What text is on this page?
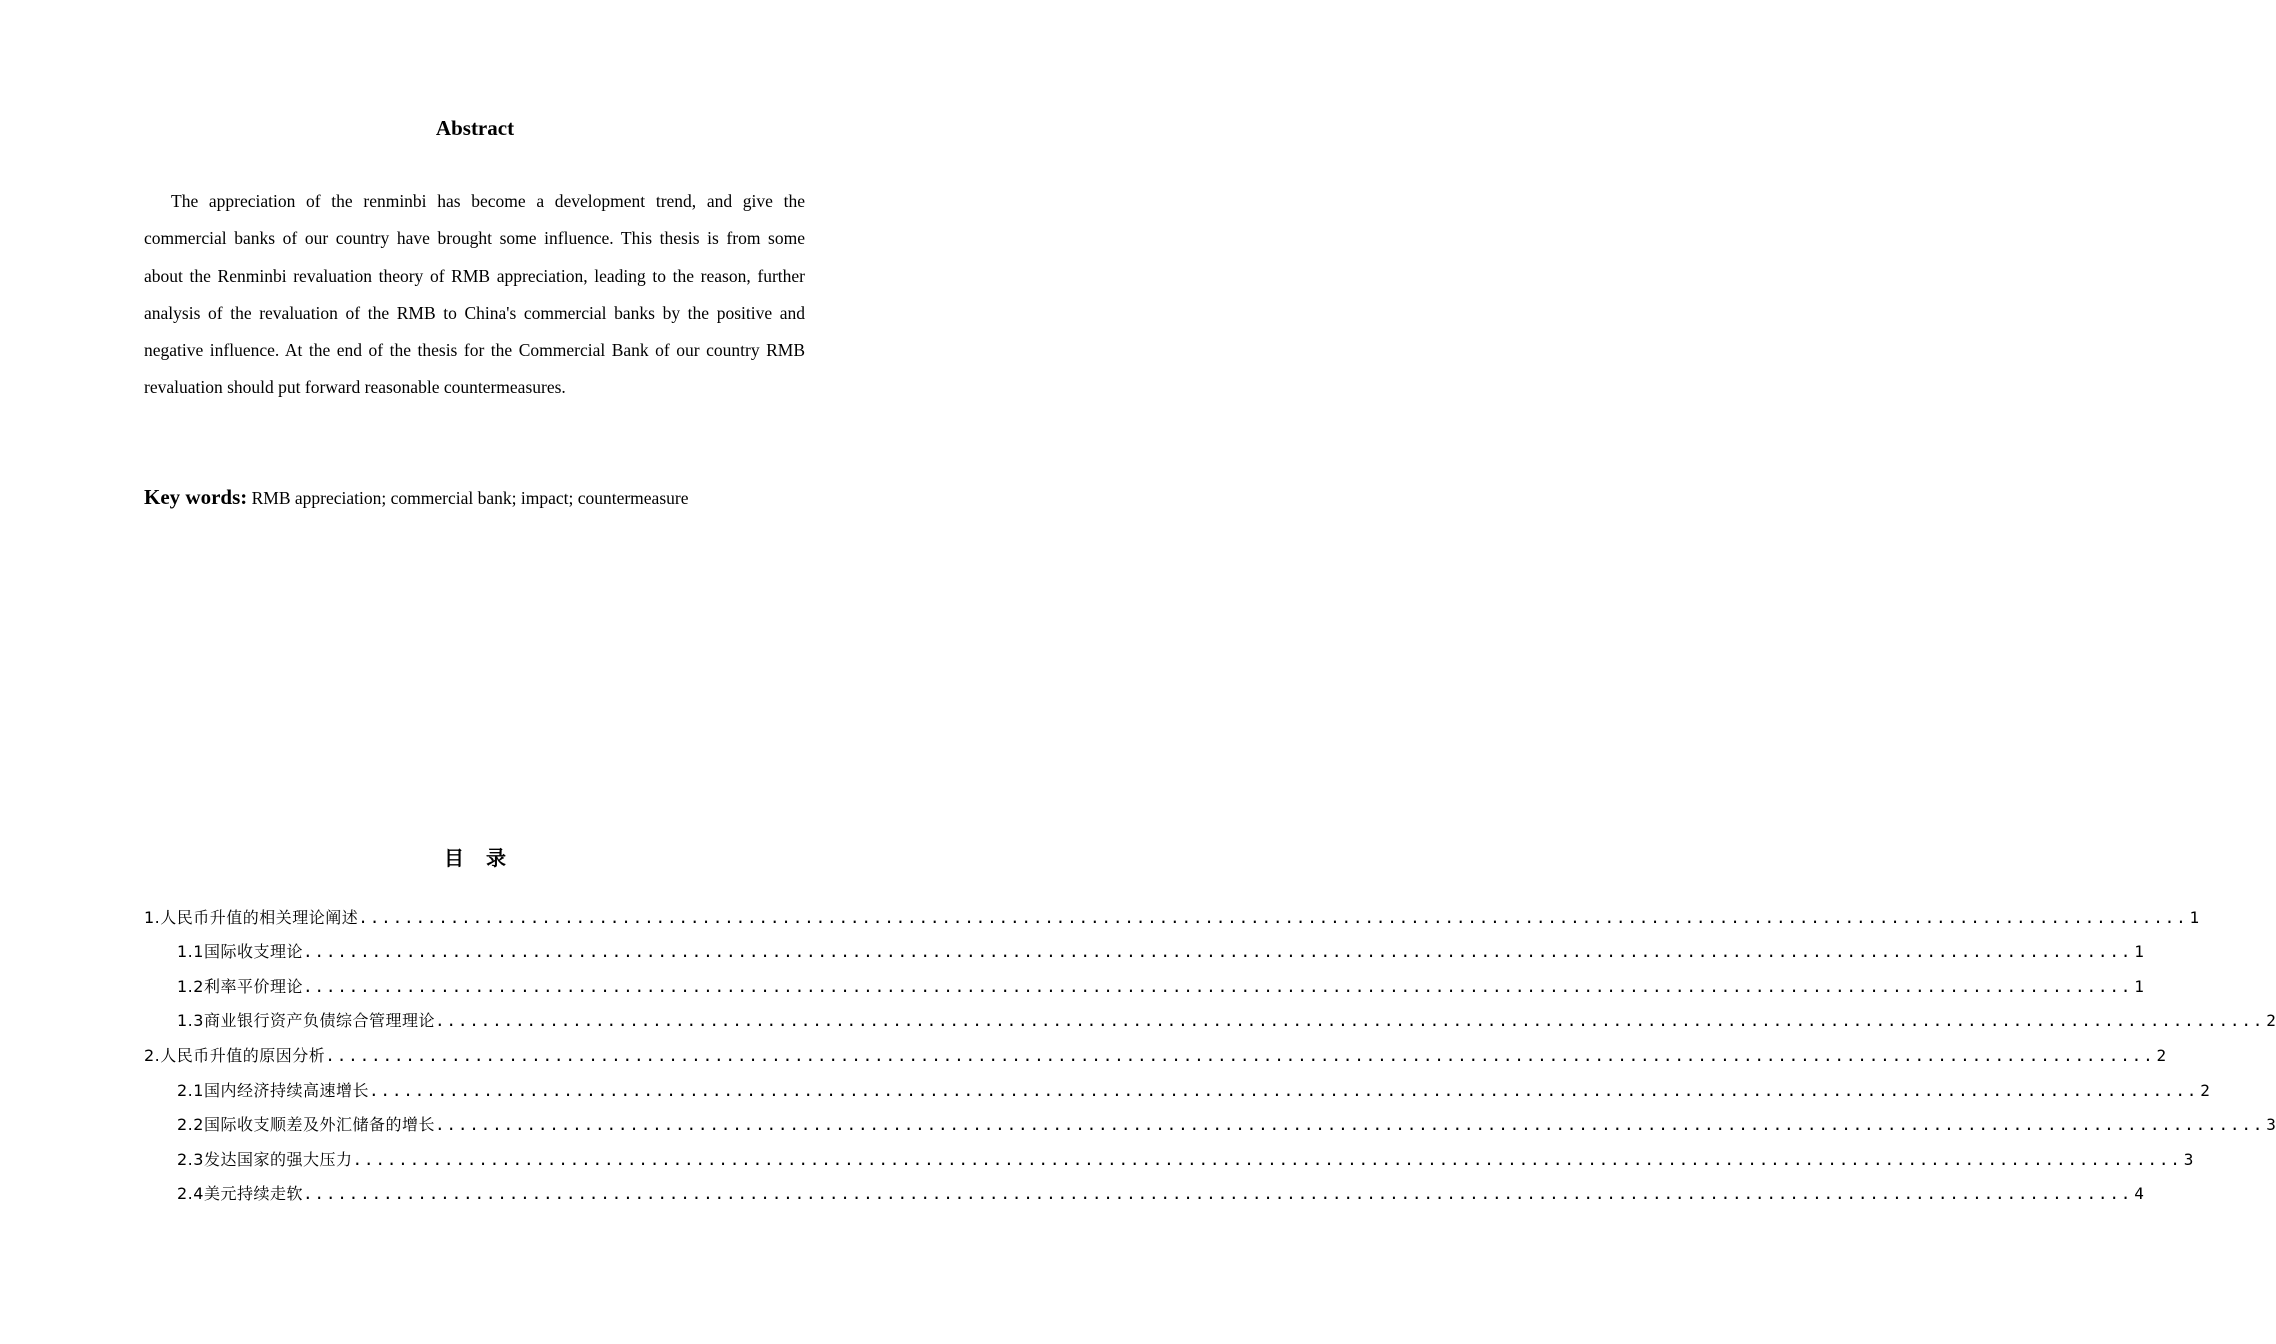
Abstract

The appreciation of the renminbi has become a development trend, and give the commercial banks of our country have brought some influence. This thesis is from some about the Renminbi revaluation theory of RMB appreciation, leading to the reason, further analysis of the revaluation of the RMB to China's commercial banks by the positive and negative influence. At the end of the thesis for the Commercial Bank of our country RMB revaluation should put forward reasonable countermeasures.

Key words: RMB appreciation; commercial bank; impact; countermeasure

目录
1.人民币升值的相关理论阐述 ................................................................................................................................................................ 1
1.1国际收支理论 ................................................................................................................................................................ 1
1.2利率平价理论 ................................................................................................................................................................ 1
1.3商业银行资产负债综合管理理论 ................................................................................................................................................................ 2
2.人民币升值的原因分析 ................................................................................................................................................................ 2
2.1国内经济持续高速增长 ................................................................................................................................................................ 2
2.2国际收支顺差及外汇储备的增长 ................................................................................................................................................................ 3
2.3发达国家的强大压力 ................................................................................................................................................................ 3
2.4美元持续走软 ................................................................................................................................................................ 4
